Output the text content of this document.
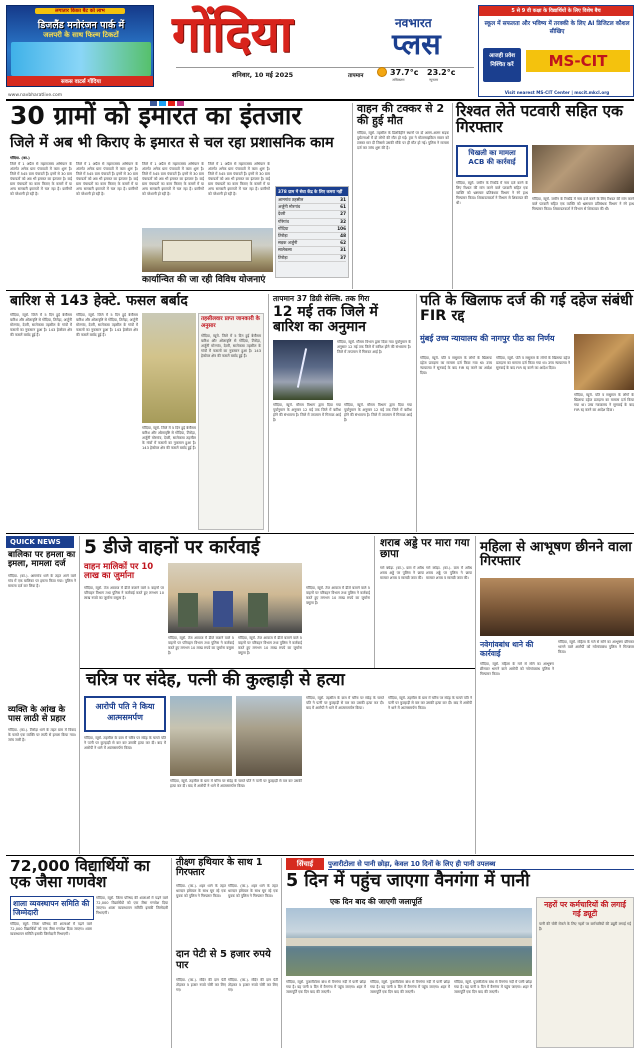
लगातार किफ़ा बैट को लाभ
डिजलैंड मनोरंजन पार्क में
जलपरी के साथ फिल्म टिकटों
सकस वाटर्स गोंदिया
गोंदिया	नवभारत
प्लस
शनिवार, 10 मई 2025	तापमान	37.7°c
अधिकतम
23.2°c
न्यूनतम
www.navbharatlive.com
5 से 9 वी कक्षा के विद्यार्थियों के लिए विशेष बैच
स्कूल में सफलता और भविष्य में तरक्की के लिए AI डिजिटल कौशल सीखिए
आजही प्रवेश निश्चित करें	MS-CIT
Visit nearest MS-CIT Center | mscit.mkcl.org
30 ग्रामों को इमारत का इंतजार
जिले में अब भी किराए के इमारत से चल रहा प्रशासनिक काम
गोंदिया. (का.)
जिले में 1 अप्रैल से महाराजस्व अभियान के अंतर्गत अनेक ग्राम पंचायतों में काम शुरू है। जिले में 545 ग्राम पंचायतें हैं। इनमें से 30 ग्राम पंचायतों को अब भी इमारत का इंतजार है। कई ग्राम पंचायतों का काम किराए के कमरों में या अन्य सरकारी इमारतों में चल रहा है। ग्रामीणों को परेशानी हो रही है।
जिले में 1 अप्रैल से महाराजस्व अभियान के अंतर्गत अनेक ग्राम पंचायतों में काम शुरू है। जिले में 545 ग्राम पंचायतें हैं। इनमें से 30 ग्राम पंचायतों को अब भी इमारत का इंतजार है। कई ग्राम पंचायतों का काम किराए के कमरों में या अन्य सरकारी इमारतों में चल रहा है। ग्रामीणों को परेशानी हो रही है।
जिले में 1 अप्रैल से महाराजस्व अभियान के अंतर्गत अनेक ग्राम पंचायतों में काम शुरू है। जिले में 545 ग्राम पंचायतें हैं। इनमें से 30 ग्राम पंचायतों को अब भी इमारत का इंतजार है। कई ग्राम पंचायतों का काम किराए के कमरों में या अन्य सरकारी इमारतों में चल रहा है। ग्रामीणों को परेशानी हो रही है।
जिले में 1 अप्रैल से महाराजस्व अभियान के अंतर्गत अनेक ग्राम पंचायतों में काम शुरू है। जिले में 545 ग्राम पंचायतें हैं। इनमें से 30 ग्राम पंचायतों को अब भी इमारत का इंतजार है। कई ग्राम पंचायतों का काम किराए के कमरों में या अन्य सरकारी इमारतों में चल रहा है। ग्रामीणों को परेशानी हो रही है।	378 ग्राम में सेवा केंद्र के लिए कमरा नहीं
आमगांव तहसील	31
अर्जुनी मोरगांव	61
देवरी	27
गोरेगांव	32
गोंदिया	106
तिरोड़ा	48
सड़क अर्जुनी	62
सालेकसा	31
तिरोड़ा	37
कार्यान्वित की जा रही विविध योजनाएं
वाहन की टक्कर से 2 की हुई मौत
गोंदिया, ब्यूरो. तहसील के डिलविहीनं स्थानों पर दो अलग-अलग सड़क दुर्घटनाओं में दो लोगों की मौत हो गई। ट्रक ने मोटरसाइकिल सवार को टक्कर मार दी जिससे उसकी मौके पर ही मौत हो गई। पुलिस ने मामला दर्ज कर जांच शुरू की है।
रिश्वत लेते पटवारी सहित एक गिरफ्तार
चिखली का मामला ACB की कार्रवाई
गोंदिया, ब्यूरो. जमीन के रिकॉर्ड में नाम दर्ज करने के लिए रिश्वत की मांग करने वाले पटवारी सहित एक व्यक्ति को भ्रष्टाचार प्रतिबंधक विभाग ने रंगे हाथ गिरफ्तार किया। शिकायतकर्ता ने विभाग से शिकायत की थी।
गोंदिया, ब्यूरो. जमीन के रिकॉर्ड में नाम दर्ज करने के लिए रिश्वत की मांग करने वाले पटवारी सहित एक व्यक्ति को भ्रष्टाचार प्रतिबंधक विभाग ने रंगे हाथ गिरफ्तार किया। शिकायतकर्ता ने विभाग से शिकायत की थी।
बारिश से 143 हेक्टे. फसल बर्बाद
गोंदिया, ब्यूरो. जिले में 5 दिन हुई बेमौसम बारिश और ओलावृष्टि से गोंदिया, तिरोड़ा, अर्जुनी मोरगांव, देवरी, सालेकसा तहसील के गांवों में फसलों का नुकसान हुआ है। 143 हेक्टेयर क्षेत्र की फसलें बर्बाद हुई हैं।
गोंदिया, ब्यूरो. जिले में 5 दिन हुई बेमौसम बारिश और ओलावृष्टि से गोंदिया, तिरोड़ा, अर्जुनी मोरगांव, देवरी, सालेकसा तहसील के गांवों में फसलों का नुकसान हुआ है। 143 हेक्टेयर क्षेत्र की फसलें बर्बाद हुई हैं।
तहसीलवार प्राप्त जानकारी के अनुसार
गोंदिया, ब्यूरो. जिले में 5 दिन हुई बेमौसम बारिश और ओलावृष्टि से गोंदिया, तिरोड़ा, अर्जुनी मोरगांव, देवरी, सालेकसा तहसील के गांवों में फसलों का नुकसान हुआ है। 143 हेक्टेयर क्षेत्र की फसलें बर्बाद हुई हैं।
गोंदिया, ब्यूरो. जिले में 5 दिन हुई बेमौसम बारिश और ओलावृष्टि से गोंदिया, तिरोड़ा, अर्जुनी मोरगांव, देवरी, सालेकसा तहसील के गांवों में फसलों का नुकसान हुआ है। 143 हेक्टेयर क्षेत्र की फसलें बर्बाद हुई हैं।
तापमान 37 डिग्री सेल्सि. तक गिरा
12 मई तक जिले में बारिश का अनुमान
गोंदिया, ब्यूरो. मौसम विभाग द्वारा दिया गया पूर्वानुमान के अनुसार 12 मई तक जिले में बारिश होने की संभावना है। जिले में तापमान में गिरावट आई है।
गोंदिया, ब्यूरो. मौसम विभाग द्वारा दिया गया पूर्वानुमान के अनुसार 12 मई तक जिले में बारिश होने की संभावना है। जिले में तापमान में गिरावट आई है।
गोंदिया, ब्यूरो. मौसम विभाग द्वारा दिया गया पूर्वानुमान के अनुसार 12 मई तक जिले में बारिश होने की संभावना है। जिले में तापमान में गिरावट आई है।
पति के खिलाफ दर्ज की गई दहेज संबंधी FIR रद्द
मुंबई उच्च न्यायालय की नागपुर पीठ का निर्णय
गोंदिया, ब्यूरो. पति व ससुराल के लोगों के खिलाफ दहेज प्रताड़ना का मामला दर्ज किया गया था। उच्च न्यायालय ने सुनवाई के बाद FIR रद्द करने का आदेश दिया।
गोंदिया, ब्यूरो. पति व ससुराल के लोगों के खिलाफ दहेज प्रताड़ना का मामला दर्ज किया गया था। उच्च न्यायालय ने सुनवाई के बाद FIR रद्द करने का आदेश दिया।
गोंदिया, ब्यूरो. पति व ससुराल के लोगों के खिलाफ दहेज प्रताड़ना का मामला दर्ज किया गया था। उच्च न्यायालय ने सुनवाई के बाद FIR रद्द करने का आदेश दिया।
QUICK NEWS
बालिका पर हमला का इमला, मामला दर्ज
गोंदिया. (का.). आमगांव थाने के तहत आने वाले गांव में एक बालिका पर हमला किया गया। पुलिस ने मामला दर्ज कर लिया है।
व्यक्ति के आंख के पास लाठी से प्रहार
गोंदिया. (का.). तिरोड़ा थाने के तहत ग्राम में विवाद के चलते एक व्यक्ति पर लाठी से हमला किया गया। जांच जारी है।
5 डीजे वाहनों पर कार्रवाई
वाहन मालिकों पर 10 लाख का जुर्माना
गोंदिया, ब्यूरो. तेज आवाज में डीजे बजाने वाले 5 वाहनों पर परिवहन विभाग तथा पुलिस ने कार्रवाई करते हुए लगभग 10 लाख रुपये का जुर्माना वसूला है।
गोंदिया, ब्यूरो. तेज आवाज में डीजे बजाने वाले 5 वाहनों पर परिवहन विभाग तथा पुलिस ने कार्रवाई करते हुए लगभग 10 लाख रुपये का जुर्माना वसूला है।
गोंदिया, ब्यूरो. तेज आवाज में डीजे बजाने वाले 5 वाहनों पर परिवहन विभाग तथा पुलिस ने कार्रवाई करते हुए लगभग 10 लाख रुपये का जुर्माना वसूला है।
गोंदिया, ब्यूरो. तेज आवाज में डीजे बजाने वाले 5 वाहनों पर परिवहन विभाग तथा पुलिस ने कार्रवाई करते हुए लगभग 10 लाख रुपये का जुर्माना वसूला है।
शराब अड्डे पर मारा गया छापा
गर्रा बघेड़ा. (का.). ग्राम में अवैध शराब अड्डे पर पुलिस ने छापा मारकर शराब व सामग्री जब्त की।
गर्रा बघेड़ा. (का.). ग्राम में अवैध शराब अड्डे पर पुलिस ने छापा मारकर शराब व सामग्री जब्त की।
महिला से आभूषण छीनने वाला गिरफ्तार
नवेगांवबांध थाने की कार्रवाई
गोंदिया, ब्यूरो. महिला के गले से सोने का आभूषण छीनकर भागने वाले आरोपी को नवेगांवबांध पुलिस ने गिरफ्तार किया।
गोंदिया, ब्यूरो. महिला के गले से सोने का आभूषण छीनकर भागने वाले आरोपी को नवेगांवबांध पुलिस ने गिरफ्तार किया।
चरित्र पर संदेह, पत्नी की कुल्हाड़ी से हत्या
आरोपी पति ने किया आत्मसमर्पण
गोंदिया, ब्यूरो. तहसील के ग्राम में चरित्र पर संदेह के चलते पति ने पत्नी पर कुल्हाड़ी से वार कर उसकी हत्या कर दी। बाद में आरोपी ने थाने में आत्मसमर्पण किया।
गोंदिया, ब्यूरो. तहसील के ग्राम में चरित्र पर संदेह के चलते पति ने पत्नी पर कुल्हाड़ी से वार कर उसकी हत्या कर दी। बाद में आरोपी ने थाने में आत्मसमर्पण किया।
गोंदिया, ब्यूरो. तहसील के ग्राम में चरित्र पर संदेह के चलते पति ने पत्नी पर कुल्हाड़ी से वार कर उसकी हत्या कर दी। बाद में आरोपी ने थाने में आत्मसमर्पण किया।
गोंदिया, ब्यूरो. तहसील के ग्राम में चरित्र पर संदेह के चलते पति ने पत्नी पर कुल्हाड़ी से वार कर उसकी हत्या कर दी। बाद में आरोपी ने थाने में आत्मसमर्पण किया।
72,000 विद्यार्थियों का एक जैसा गणवेश
शाला व्यवस्थापन समिति की जिम्मेदारी
गोंदिया, ब्यूरो. जिला परिषद की शालाओं में पढ़ने वाले 72,000 विद्यार्थियों को एक जैसा गणवेश दिया जाएगा। शाला व्यवस्थापन समिति इसकी जिम्मेदारी निभाएगी।
गोंदिया, ब्यूरो. जिला परिषद की शालाओं में पढ़ने वाले 72,000 विद्यार्थियों को एक जैसा गणवेश दिया जाएगा। शाला व्यवस्थापन समिति इसकी जिम्मेदारी निभाएगी।
तीक्ष्ण हथियार के साथ 1 गिरफ्तार
गोंदिया. (का.). शहर थाने के तहत धारदार हथियार के साथ घूम रहे एक युवक को पुलिस ने गिरफ्तार किया।
गोंदिया. (का.). शहर थाने के तहत धारदार हथियार के साथ घूम रहे एक युवक को पुलिस ने गिरफ्तार किया।
दान पेटी से 5 हजार रुपये पार
गोंदिया. (का.). मंदिर की दान पेटी तोड़कर 5 हजार रुपये चोरी कर लिए गए।
गोंदिया. (का.). मंदिर की दान पेटी तोड़कर 5 हजार रुपये चोरी कर लिए गए।
सिंचाई	पुजारीटोला से पानी छोड़ा, केवल 10 दिनों के लिए ही पानी उपलब्ध
5 दिन में पहुंच जाएगा वैनगंगा में पानी
एक दिन बाद की जाएगी जलापूर्ति
गोंदिया, ब्यूरो. पुजारीटोला बांध से वैनगंगा नदी में पानी छोड़ा गया है। यह पानी 5 दिन में वैनगंगा में पहुंच जाएगा। शहर में जलापूर्ति एक दिन बाद की जाएगी।
गोंदिया, ब्यूरो. पुजारीटोला बांध से वैनगंगा नदी में पानी छोड़ा गया है। यह पानी 5 दिन में वैनगंगा में पहुंच जाएगा। शहर में जलापूर्ति एक दिन बाद की जाएगी।
गोंदिया, ब्यूरो. पुजारीटोला बांध से वैनगंगा नदी में पानी छोड़ा गया है। यह पानी 5 दिन में वैनगंगा में पहुंच जाएगा। शहर में जलापूर्ति एक दिन बाद की जाएगी।
नहरों पर कर्मचारियों की लगाई गई ड्यूटी
पानी की चोरी रोकने के लिए नहरों पर कर्मचारियों की ड्यूटी लगाई गई है।
